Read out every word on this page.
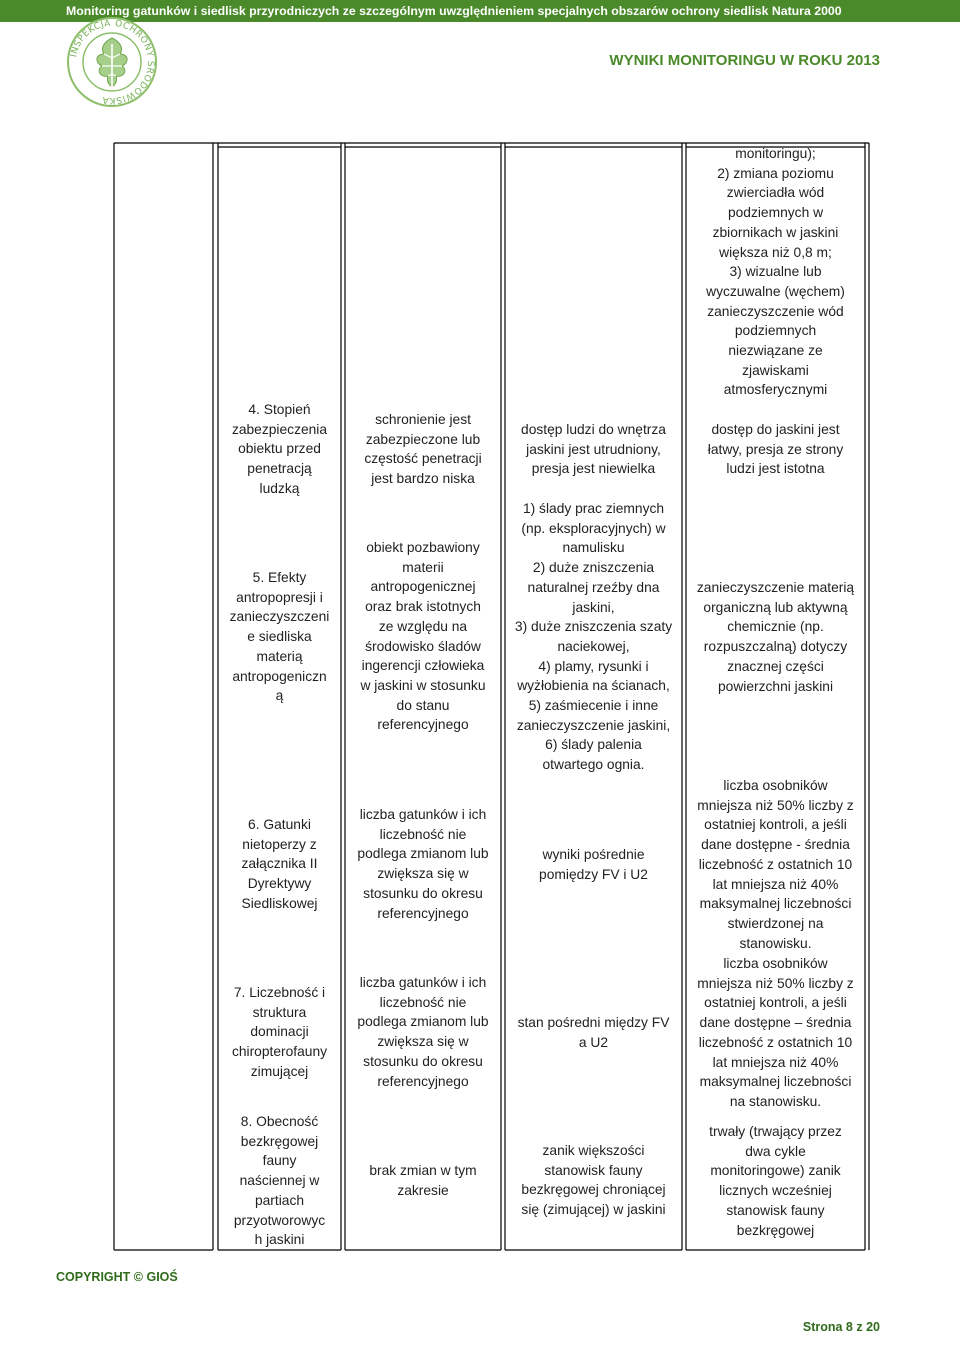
Monitoring gatunków i siedlisk przyrodniczych ze szczególnym uwzględnieniem specjalnych obszarów ochrony siedlisk Natura 2000
INSPEKCJA OCHRONY ŚRODOWISKA
WYNIKI MONITORINGU W ROKU 2013
monitoringu);
2) zmiana poziomu
zwierciadła wód
podziemnych w
zbiornikach w jaskini
większa niż 0,8 m;
3) wizualne lub
wyczuwalne (węchem)
zanieczyszczenie wód
podziemnych
niezwiązane ze
zjawiskami
atmosferycznymi
4. Stopień
zabezpieczenia
obiektu przed
penetracją
ludzką
schronienie jest
zabezpieczone lub
częstość penetracji
jest bardzo niska
dostęp ludzi do wnętrza
jaskini jest utrudniony,
presja jest niewielka
dostęp do jaskini jest
łatwy, presja ze strony
ludzi jest istotna
5. Efekty
antropopresji i
zanieczyszczeni
e siedliska
materią
antropogeniczn
ą
obiekt pozbawiony
materii
antropogenicznej
oraz brak istotnych
ze względu na
środowisko śladów
ingerencji człowieka
w jaskini w stosunku
do stanu
referencyjnego
1) ślady prac ziemnych
(np. eksploracyjnych) w
namulisku
2) duże zniszczenia
naturalnej rzeźby dna
jaskini,
3) duże zniszczenia szaty
naciekowej,
4) plamy, rysunki i
wyżłobienia na ścianach,
5) zaśmiecenie i inne
zanieczyszczenie jaskini,
6) ślady palenia
otwartego ognia.
zanieczyszczenie materią
organiczną lub aktywną
chemicznie (np.
rozpuszczalną) dotyczy
znacznej części
powierzchni jaskini
6. Gatunki
nietoperzy z
załącznika II
Dyrektywy
Siedliskowej
liczba gatunków i ich
liczebność nie
podlega zmianom lub
zwiększa się w
stosunku do okresu
referencyjnego
wyniki pośrednie
pomiędzy FV i U2
liczba osobników
mniejsza niż 50% liczby z
ostatniej kontroli, a jeśli
dane dostępne - średnia
liczebność z ostatnich 10
lat mniejsza niż 40%
maksymalnej liczebności
stwierdzonej na
stanowisku.
7. Liczebność i
struktura
dominacji
chiropterofauny
zimującej
liczba gatunków i ich
liczebność nie
podlega zmianom lub
zwiększa się w
stosunku do okresu
referencyjnego
stan pośredni między FV
a U2
liczba osobników
mniejsza niż 50% liczby z
ostatniej kontroli, a jeśli
dane dostępne – średnia
liczebność z ostatnich 10
lat mniejsza niż 40%
maksymalnej liczebności
na stanowisku.
8. Obecność
bezkręgowej
fauny
naściennej w
partiach
przyotworowyc
h jaskini
brak zmian w tym
zakresie
zanik większości
stanowisk fauny
bezkręgowej chroniącej
się (zimującej) w jaskini
trwały (trwający przez
dwa cykle
monitoringowe) zanik
licznych wcześniej
stanowisk fauny
bezkręgowej
COPYRIGHT © GIOŚ
Strona 8 z 20
